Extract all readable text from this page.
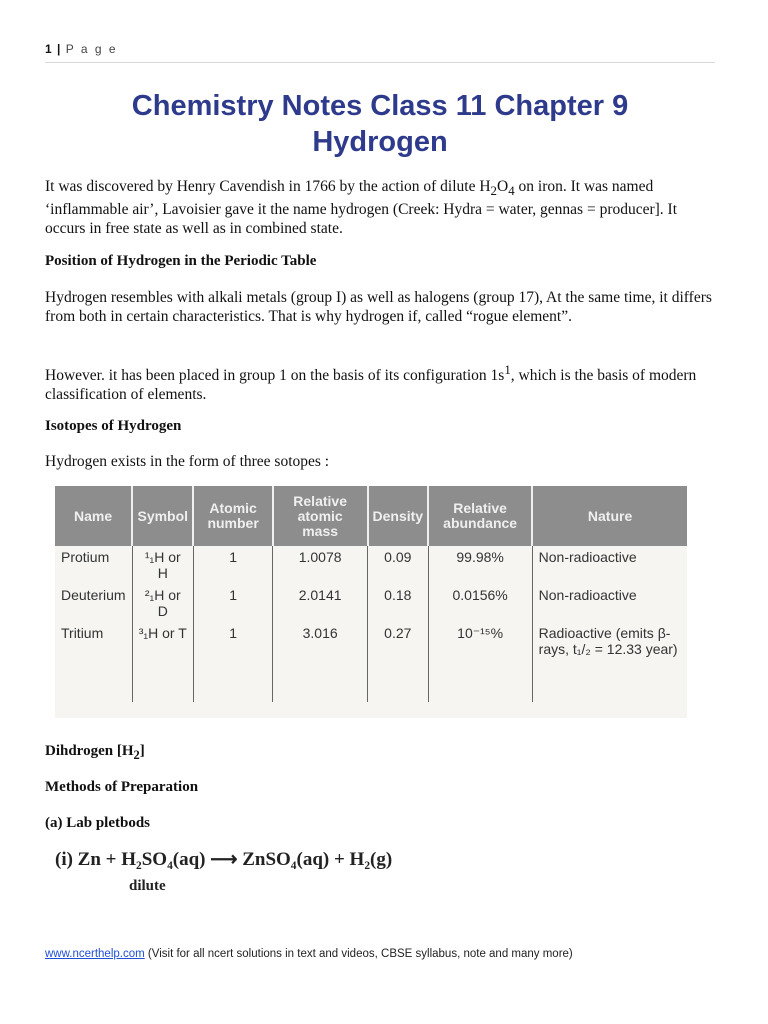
1 | P a g e
Chemistry Notes Class 11 Chapter 9
Hydrogen

It was discovered by Henry Cavendish in 1766 by the action of dilute $H_2O_4$ on iron. It was named ‘inflammable air’, Lavoisier gave it the name hydrogen (Creek: Hydra = water, gennas = producer]. It occurs in free state as well as in combined state.

Position of Hydrogen in the Periodic Table

Hydrogen resembles with alkali metals (group I) as well as halogens (group 17), At the same time, it differs from both in certain characteristics. That is why hydrogen if, called “rogue element”.

However. it has been placed in group 1 on the basis of its configuration $1s^1$, which is the basis of modern classification of elements.

Isotopes of Hydrogen

Hydrogen exists in the form of three sotopes :

Name	Symbol	Atomic number	Relative atomic mass	Density	Relative abundance	Nature
Protium	¹₁H or H	1	1.0078	0.09	99.98%	Non-radioactive
Deuterium	²₁H or D	1	2.0141	0.18	0.0156%	Non-radioactive
Tritium	³₁H or T	1	3.016	0.27	10⁻¹⁵%	Radioactive (emits β-rays, t₁/₂ = 12.33 year)

Dihdrogen $[H_2]$

Methods of Preparation

(a) Lab pletbods

(i) Zn + H₂SO₄(aq) ⟶ ZnSO₄(aq) + H₂(g)
dilute
www.ncerthelp.com (Visit for all ncert solutions in text and videos, CBSE syllabus, note and many more)
